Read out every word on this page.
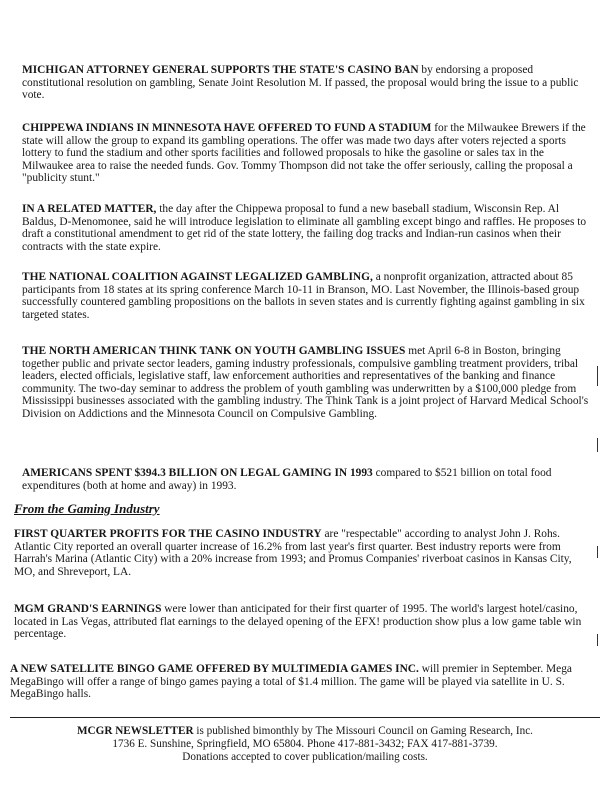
MICHIGAN ATTORNEY GENERAL SUPPORTS THE STATE'S CASINO BAN by endorsing a proposed constitutional resolution on gambling, Senate Joint Resolution M. If passed, the proposal would bring the issue to a public vote.

CHIPPEWA INDIANS IN MINNESOTA HAVE OFFERED TO FUND A STADIUM for the Milwaukee Brewers if the state will allow the group to expand its gambling operations. The offer was made two days after voters rejected a sports lottery to fund the stadium and other sports facilities and followed proposals to hike the gasoline or sales tax in the Milwaukee area to raise the needed funds. Gov. Tommy Thompson did not take the offer seriously, calling the proposal a "publicity stunt."

IN A RELATED MATTER, the day after the Chippewa proposal to fund a new baseball stadium, Wisconsin Rep. Al Baldus, D-Menomonee, said he will introduce legislation to eliminate all gambling except bingo and raffles. He proposes to draft a constitutional amendment to get rid of the state lottery, the failing dog tracks and Indian-run casinos when their contracts with the state expire.

THE NATIONAL COALITION AGAINST LEGALIZED GAMBLING, a nonprofit organization, attracted about 85 participants from 18 states at its spring conference March 10-11 in Branson, MO. Last November, the Illinois-based group successfully countered gambling propositions on the ballots in seven states and is currently fighting against gambling in six targeted states.

THE NORTH AMERICAN THINK TANK ON YOUTH GAMBLING ISSUES met April 6-8 in Boston, bringing together public and private sector leaders, gaming industry professionals, compulsive gambling treatment providers, tribal leaders, elected officials, legislative staff, law enforcement authorities and representatives of the banking and finance community. The two-day seminar to address the problem of youth gambling was underwritten by a $100,000 pledge from Mississippi businesses associated with the gambling industry. The Think Tank is a joint project of Harvard Medical School's Division on Addictions and the Minnesota Council on Compulsive Gambling.

AMERICANS SPENT $394.3 BILLION ON LEGAL GAMING IN 1993 compared to $521 billion on total food expenditures (both at home and away) in 1993.

From the Gaming Industry

FIRST QUARTER PROFITS FOR THE CASINO INDUSTRY are "respectable" according to analyst John J. Rohs. Atlantic City reported an overall quarter increase of 16.2% from last year's first quarter. Best industry reports were from Harrah's Marina (Atlantic City) with a 20% increase from 1993; and Promus Companies' riverboat casinos in Kansas City, MO, and Shreveport, LA.

MGM GRAND'S EARNINGS were lower than anticipated for their first quarter of 1995. The world's largest hotel/casino, located in Las Vegas, attributed flat earnings to the delayed opening of the EFX! production show plus a low game table win percentage.

A NEW SATELLITE BINGO GAME OFFERED BY MULTIMEDIA GAMES INC. will premier in September. Mega MegaBingo will offer a range of bingo games paying a total of $1.4 million. The game will be played via satellite in U. S. MegaBingo halls.

MCGR NEWSLETTER is published bimonthly by The Missouri Council on Gaming Research, Inc.
1736 E. Sunshine, Springfield, MO 65804. Phone 417-881-3432; FAX 417-881-3739.
Donations accepted to cover publication/mailing costs.
